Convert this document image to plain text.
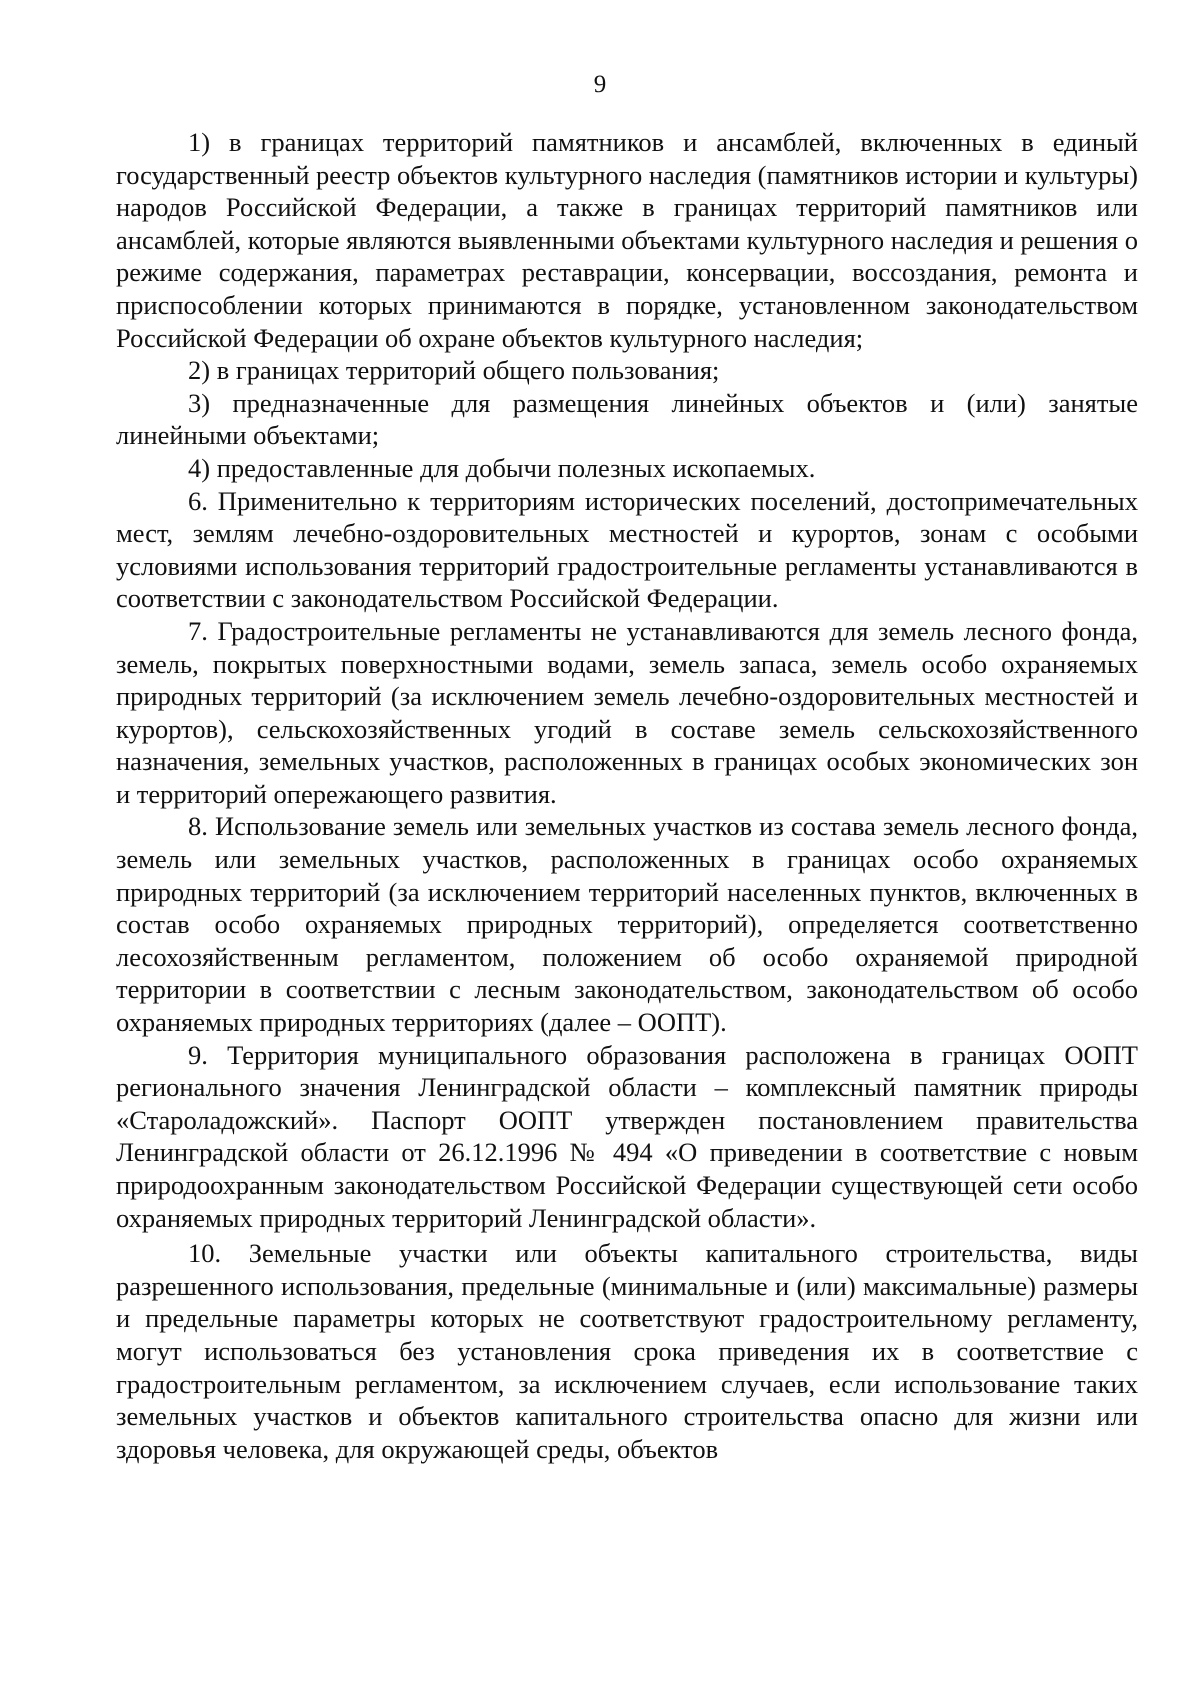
9

1) в границах территорий памятников и ансамблей, включенных в единый государственный реестр объектов культурного наследия (памятников истории и культуры) народов Российской Федерации, а также в границах территорий памятников или ансамблей, которые являются выявленными объектами культурного наследия и решения о режиме содержания, параметрах реставрации, консервации, воссоздания, ремонта и приспособлении которых принимаются в порядке, установленном законодательством Российской Федерации об охране объектов культурного наследия;

2) в границах территорий общего пользования;

3) предназначенные для размещения линейных объектов и (или) занятые линейными объектами;

4) предоставленные для добычи полезных ископаемых.

6. Применительно к территориям исторических поселений, достопримечательных мест, землям лечебно-оздоровительных местностей и курортов, зонам с особыми условиями использования территорий градостроительные регламенты устанавливаются в соответствии с законодательством Российской Федерации.

7. Градостроительные регламенты не устанавливаются для земель лесного фонда, земель, покрытых поверхностными водами, земель запаса, земель особо охраняемых природных территорий (за исключением земель лечебно-оздоровительных местностей и курортов), сельскохозяйственных угодий в составе земель сельскохозяйственного назначения, земельных участков, расположенных в границах особых экономических зон и территорий опережающего развития.

8. Использование земель или земельных участков из состава земель лесного фонда, земель или земельных участков, расположенных в границах особо охраняемых природных территорий (за исключением территорий населенных пунктов, включенных в состав особо охраняемых природных территорий), определяется соответственно лесохозяйственным регламентом, положением об особо охраняемой природной территории в соответствии с лесным законодательством, законодательством об особо охраняемых природных территориях (далее – ООПТ).

9. Территория муниципального образования расположена в границах ООПТ регионального значения Ленинградской области – комплексный памятник природы «Староладожский». Паспорт ООПТ утвержден постановлением правительства Ленинградской области от 26.12.1996 № 494 «О приведении в соответствие с новым природоохранным законодательством Российской Федерации существующей сети особо охраняемых природных территорий Ленинградской области».

10. Земельные участки или объекты капитального строительства, виды разрешенного использования, предельные (минимальные и (или) максимальные) размеры и предельные параметры которых не соответствуют градостроительному регламенту, могут использоваться без установления срока приведения их в соответствие с градостроительным регламентом, за исключением случаев, если использование таких земельных участков и объектов капитального строительства опасно для жизни или здоровья человека, для окружающей среды, объектов
